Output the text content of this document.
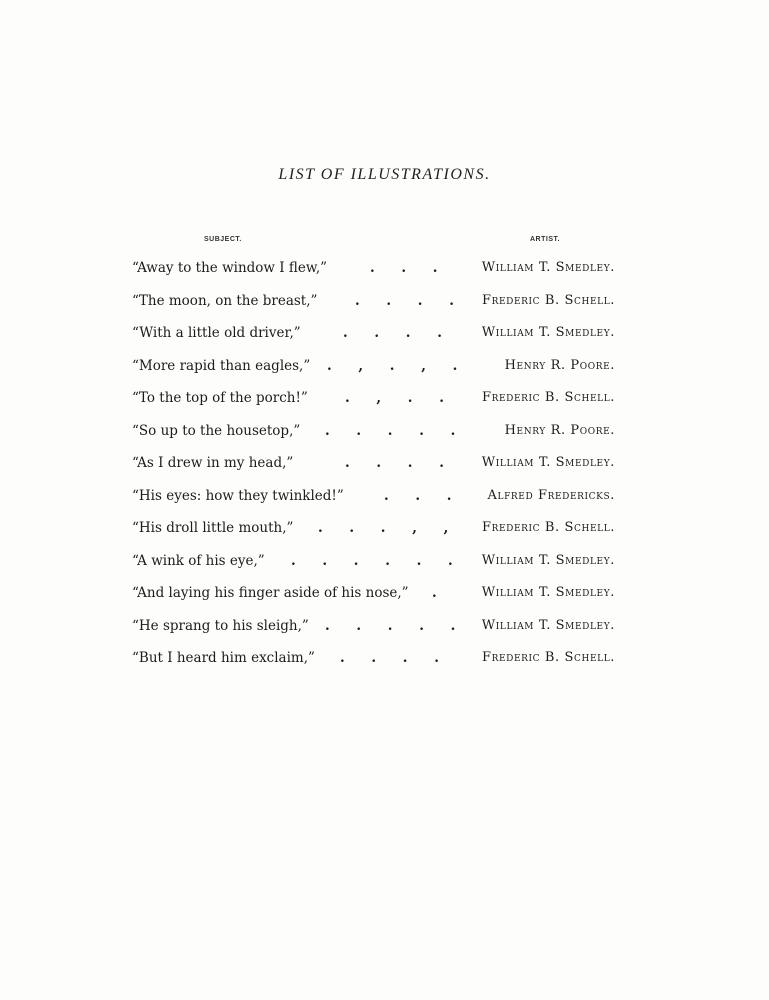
LIST OF ILLUSTRATIONS.
SUBJECT.	ARTIST.
“Away to the window I flew,”	. . .	William T. Smedley.
“The moon, on the breast,”	. . . . Frederic B. Schell.
“With a little old driver,”	. . . . William T. Smedley.
“More rapid than eagles,” . , . , .	Henry R. Poore.
“To the top of the porch!”	. , . . Frederic B. Schell.
“So up to the housetop,” . . . . .	Henry R. Poore.
“As I drew in my head,”	. . . . William T. Smedley.
“His eyes: how they twinkled!”	. . . Alfred Fredericks.
“His droll little mouth,” . . . , , Frederic B. Schell.
“A wink of his eye,” . . . . . . William T. Smedley.
“And laying his finger aside of his nose,” .	William T. Smedley.
“He sprang to his sleigh,” . . . . . William T. Smedley.
“But I heard him exclaim,” . . . . Frederic B. Schell.
